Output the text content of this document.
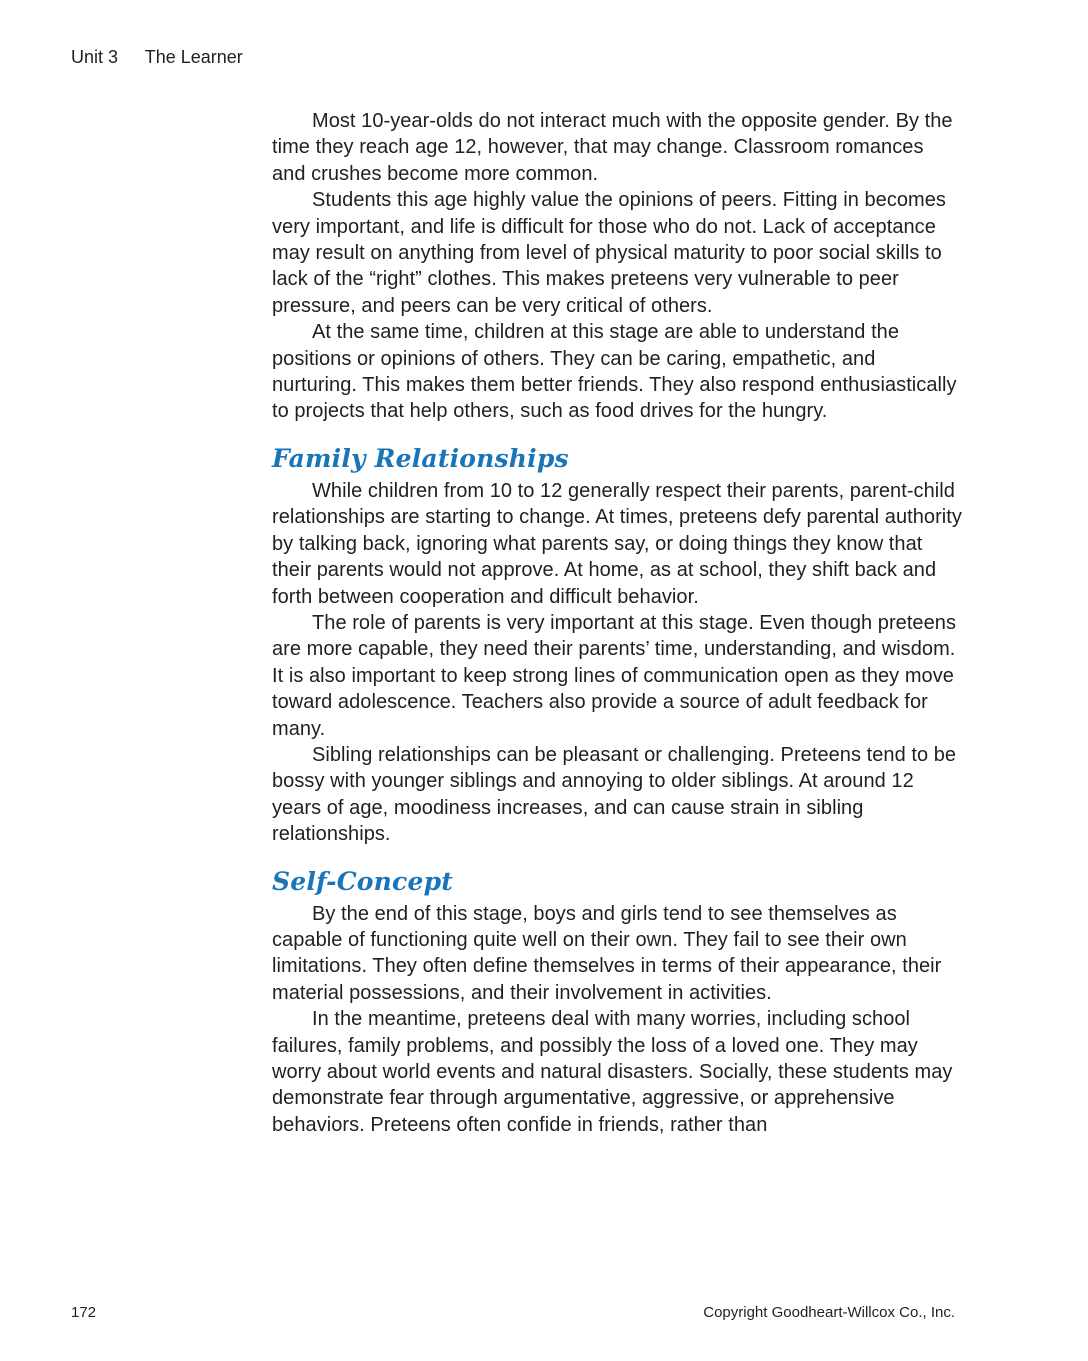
Unit 3 The Learner

Most 10-year-olds do not interact much with the opposite gender. By the time they reach age 12, however, that may change. Classroom romances and crushes become more common.

Students this age highly value the opinions of peers. Fitting in becomes very important, and life is difficult for those who do not. Lack of acceptance may result on anything from level of physical maturity to poor social skills to lack of the “right” clothes. This makes preteens very vulnerable to peer pressure, and peers can be very critical of others.

At the same time, children at this stage are able to understand the positions or opinions of others. They can be caring, empathetic, and nurturing. This makes them better friends. They also respond enthusiastically to projects that help others, such as food drives for the hungry.

Family Relationships

While children from 10 to 12 generally respect their parents, parent-child relationships are starting to change. At times, preteens defy parental authority by talking back, ignoring what parents say, or doing things they know that their parents would not approve. At home, as at school, they shift back and forth between cooperation and difficult behavior.

The role of parents is very important at this stage. Even though preteens are more capable, they need their parents’ time, understanding, and wisdom. It is also important to keep strong lines of communication open as they move toward adolescence. Teachers also provide a source of adult feedback for many.

Sibling relationships can be pleasant or challenging. Preteens tend to be bossy with younger siblings and annoying to older siblings. At around 12 years of age, moodiness increases, and can cause strain in sibling relationships.

Self-Concept

By the end of this stage, boys and girls tend to see themselves as capable of functioning quite well on their own. They fail to see their own limitations. They often define themselves in terms of their appearance, their material possessions, and their involvement in activities.

In the meantime, preteens deal with many worries, including school failures, family problems, and possibly the loss of a loved one. They may worry about world events and natural disasters. Socially, these students may demonstrate fear through argumentative, aggressive, or apprehensive behaviors. Preteens often confide in friends, rather than

172	Copyright Goodheart-Willcox Co., Inc.
